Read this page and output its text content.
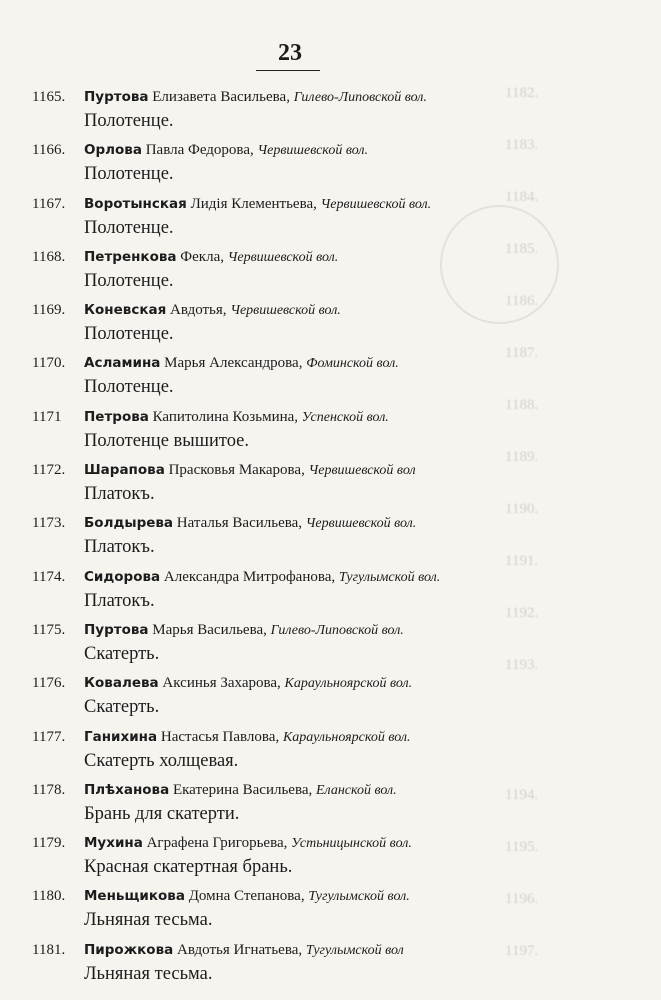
1182.
1183.
1184.
1185.
1186.
1187.
1188.
1189.
1190.
1191.
1192.
1193.
1194.
1195.
1196.
1197.
23
1165. Пуртова Елизавета Васильева, Гилево-Липовской вол.
Полотенце.
1166. Орлова Павла Федорова, Червишевской вол.
Полотенце.
1167. Воротынская Лидія Клементьева, Червишевской вол.
Полотенце.
1168. Петренкова Фекла, Червишевской вол.
Полотенце.
1169. Коневская Авдотья, Червишевской вол.
Полотенце.
1170. Асламина Марья Александрова, Фоминской вол.
Полотенце.
1171 Петрова Капитолина Козьмина, Успенской вол.
Полотенце вышитое.
1172. Шарапова Прасковья Макарова, Червишевской вол
Платокъ.
1173. Болдырева Наталья Васильева, Червишевской вол.
Платокъ.
1174. Сидорова Александра Митрофанова, Тугулымской вол.
Платокъ.
1175. Пуртова Марья Васильева, Гилево-Липовской вол.
Скатерть.
1176. Ковалева Аксинья Захарова, Караульноярской вол.
Скатерть.
1177. Ганихина Настасья Павлова, Караульноярской вол.
Скатерть холщевая.
1178. Плѣханова Екатерина Васильева, Еланской вол.
Брань для скатерти.
1179. Мухина Аграфена Григорьева, Устьницынской вол.
Красная скатертная брань.
1180. Меньщикова Домна Степанова, Тугулымской вол.
Льняная тесьма.
1181. Пирожкова Авдотья Игнатьева, Тугулымской вол
Льняная тесьма.
